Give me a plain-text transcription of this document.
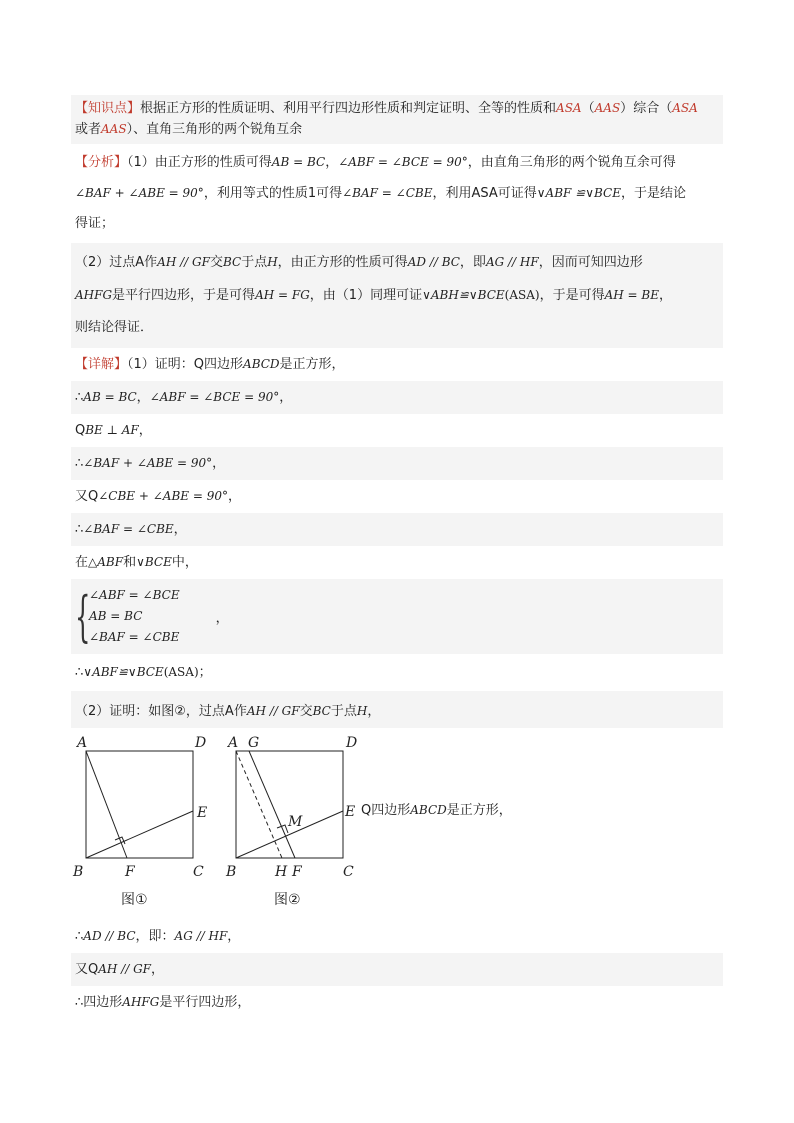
【知识点】根据正方形的性质证明、利用平行四边形性质和判定证明、全等的性质和ASA（AAS）综合（ASA
或者AAS）、直角三角形的两个锐角互余
【分析】（1）由正方形的性质可得AB = BC，∠ABF = ∠BCE = 90°，由直角三角形的两个锐角互余可得
∠BAF + ∠ABE = 90°，利用等式的性质1可得∠BAF = ∠CBE，利用ASA可证得∨ABF ≌∨BCE，于是结论
得证；
（2）过点A作AH // GF交BC于点H，由正方形的性质可得AD // BC，即AG // HF，因而可知四边形
AHFG是平行四边形，于是可得AH = FG，由（1）同理可证∨ABH≌∨BCE(ASA)，于是可得AH = BE，
则结论得证．
【详解】（1）证明：Q四边形ABCD是正方形，
∴AB = BC，∠ABF = ∠BCE = 90°，
QBE ⊥ AF，
∴∠BAF + ∠ABE = 90°，
又Q∠CBE + ∠ABE = 90°，
∴∠BAF = ∠CBE，
在△ABF和∨BCE中，
{
∠ABF = ∠BCE
AB = BC
∠BAF = ∠CBE
，
∴∨ABF≌∨BCE(ASA)；
（2）证明：如图②，过点A作AH // GF交BC于点H，
A	D
E
B	F	C
图①
A G	D
M
E
B	H F	C
图②
Q四边形ABCD是正方形，
∴AD // BC，即：AG // HF，
又QAH // GF，
∴四边形AHFG是平行四边形，
